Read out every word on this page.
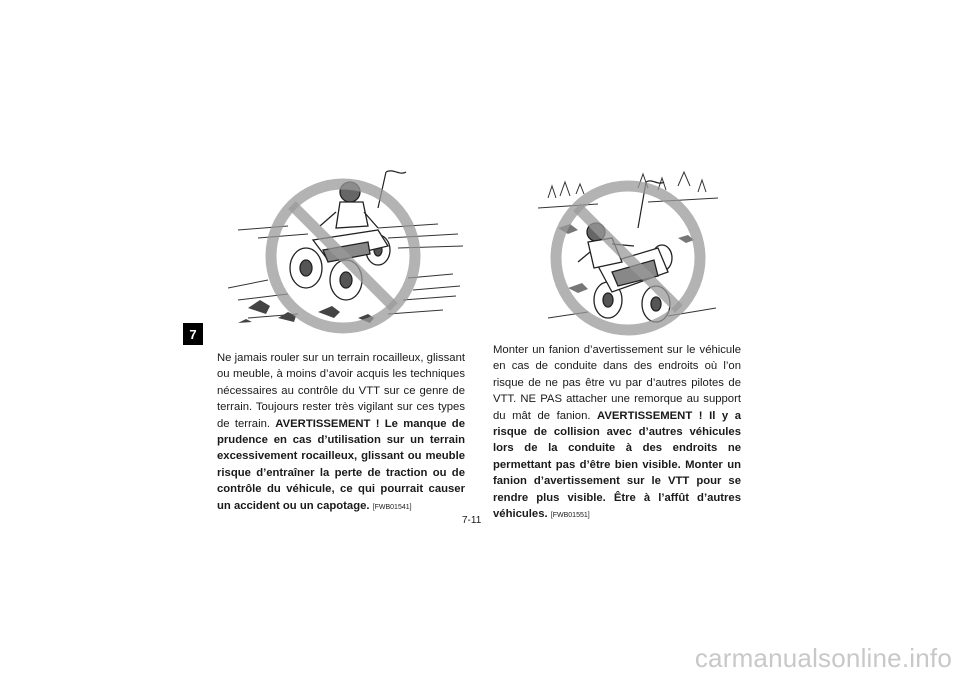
7
Ne jamais rouler sur un terrain rocailleux, glissant ou meuble, à moins d’avoir acquis les techniques nécessaires au contrôle du VTT sur ce genre de terrain. Toujours rester très vigilant sur ces types de terrain. AVERTISSEMENT ! Le manque de prudence en cas d’utilisation sur un terrain excessivement rocailleux, glissant ou meuble risque d’entraîner la perte de traction ou de contrôle du véhicule, ce qui pourrait causer un accident ou un capotage. [FWB01541]
Monter un fanion d’avertissement sur le véhicule en cas de conduite dans des endroits où l’on risque de ne pas être vu par d’autres pilotes de VTT. NE PAS attacher une remorque au support du mât de fanion. AVERTISSEMENT ! Il y a risque de collision avec d’autres véhicules lors de la conduite à des endroits ne permettant pas d’être bien visible. Monter un fanion d’avertissement sur le VTT pour se rendre plus visible. Être à l’affût d’autres véhicules. [FWB01551]
7-11
carmanualsonline.info
